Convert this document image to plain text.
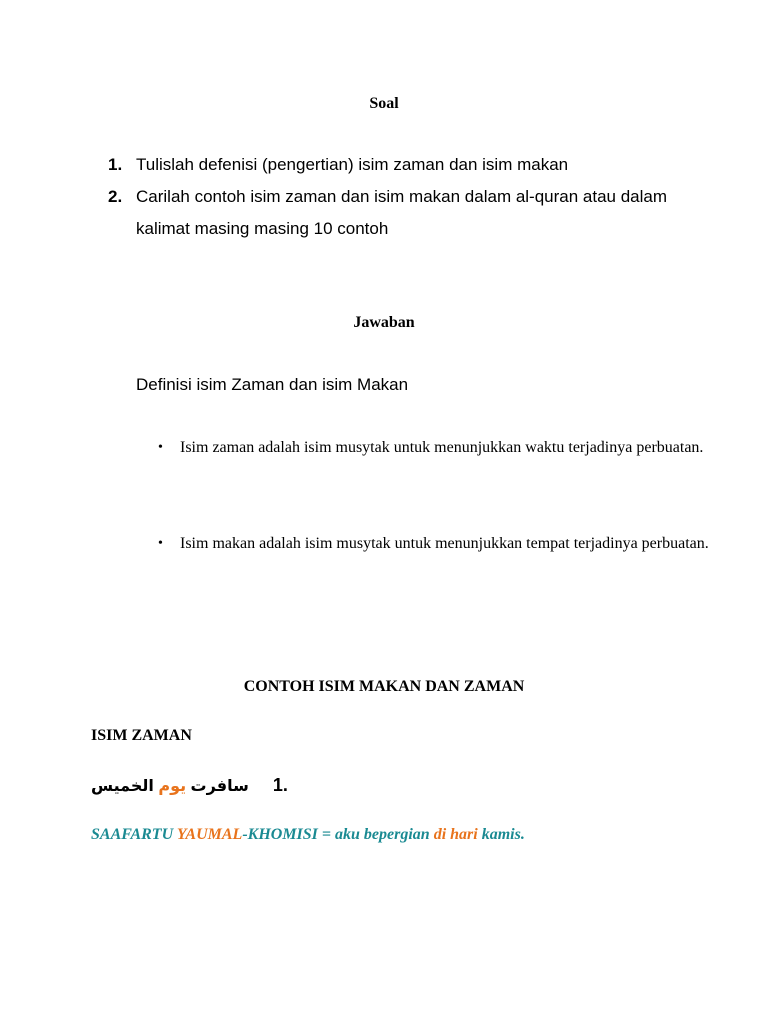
Soal

1. Tulislah defenisi (pengertian) isim zaman dan isim makan
2. Carilah contoh isim zaman dan isim makan dalam al-quran atau dalam kalimat masing masing 10 contoh

Jawaban

Definisi isim Zaman dan isim Makan

•	Isim zaman adalah isim musytak untuk menunjukkan waktu terjadinya perbuatan.
•	Isim makan adalah isim musytak untuk menunjukkan tempat terjadinya perbuatan.

CONTOH ISIM MAKAN DAN ZAMAN

ISIM ZAMAN

سافرت يوم الخميس	.1

SAAFARTU YAUMAL-KHOMISI = aku bepergian di hari kamis.
